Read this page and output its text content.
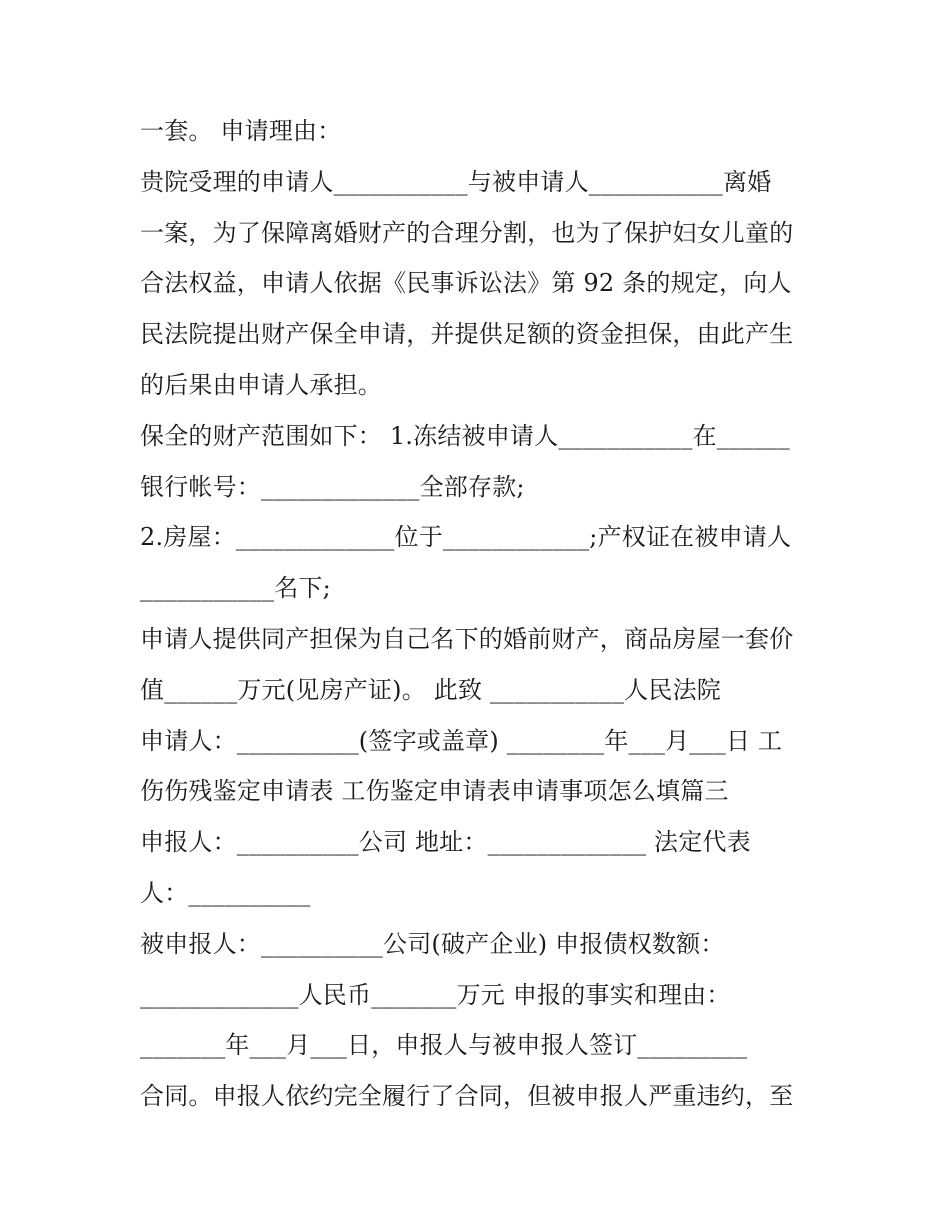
一套。 申请理由：
贵院受理的申请人___________与被申请人___________离婚
一案，为了保障离婚财产的合理分割，也为了保护妇女儿童的
合法权益，申请人依据《民事诉讼法》第 92 条的规定，向人
民法院提出财产保全申请，并提供足额的资金担保，由此产生
的后果由申请人承担。
保全的财产范围如下： 1.冻结被申请人___________在______
银行帐号：_____________全部存款;
2.房屋：_____________位于____________;产权证在被申请人
___________名下;
申请人提供同产担保为自己名下的婚前财产，商品房屋一套价
值______万元(见房产证)。 此致 ___________人民法院
申请人：__________(签字或盖章) ________年___月___日 工
伤伤残鉴定申请表 工伤鉴定申请表申请事项怎么填篇三
申报人：__________公司 地址：_____________ 法定代表
人：__________
被申报人：__________公司(破产企业) 申报债权数额：
_____________人民币_______万元 申报的事实和理由：
_______年___月___日，申报人与被申报人签订_________
合同。申报人依约完全履行了合同，但被申报人严重违约，至
